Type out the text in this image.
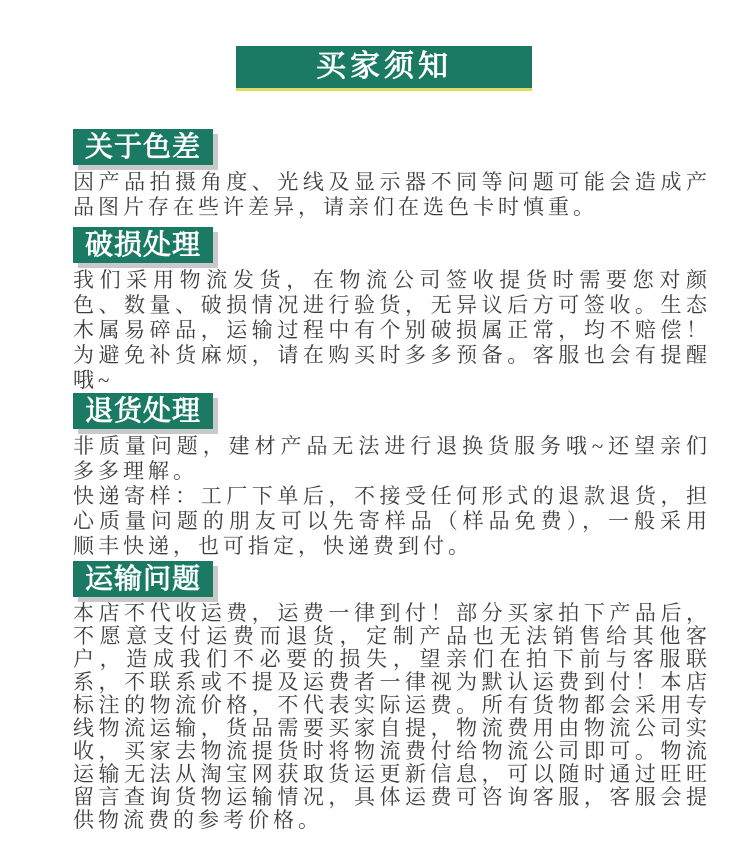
买家须知
关于色差

因产品拍摄角度、光线及显示器不同等问题可能会造成产品图片存在些许差异，请亲们在选色卡时慎重。

破损处理

我们采用物流发货，在物流公司签收提货时需要您对颜色、数量、破损情况进行验货，无异议后方可签收。生态木属易碎品，运输过程中有个别破损属正常，均不赔偿！为避免补货麻烦，请在购买时多多预备。客服也会有提醒哦~

退货处理

非质量问题，建材产品无法进行退换货服务哦~还望亲们多多理解。

快递寄样：工厂下单后，不接受任何形式的退款退货，担心质量问题的朋友可以先寄样品（样品免费），一般采用顺丰快递，也可指定，快递费到付。

运输问题

本店不代收运费，运费一律到付！部分买家拍下产品后，不愿意支付运费而退货，定制产品也无法销售给其他客户，造成我们不必要的损失，望亲们在拍下前与客服联系，不联系或不提及运费者一律视为默认运费到付！本店标注的物流价格，不代表实际运费。所有货物都会采用专线物流运输，货品需要买家自提，物流费用由物流公司实收，买家去物流提货时将物流费付给物流公司即可。物流运输无法从淘宝网获取货运更新信息，可以随时通过旺旺留言查询货物运输情况，具体运费可咨询客服，客服会提供物流费的参考价格。
